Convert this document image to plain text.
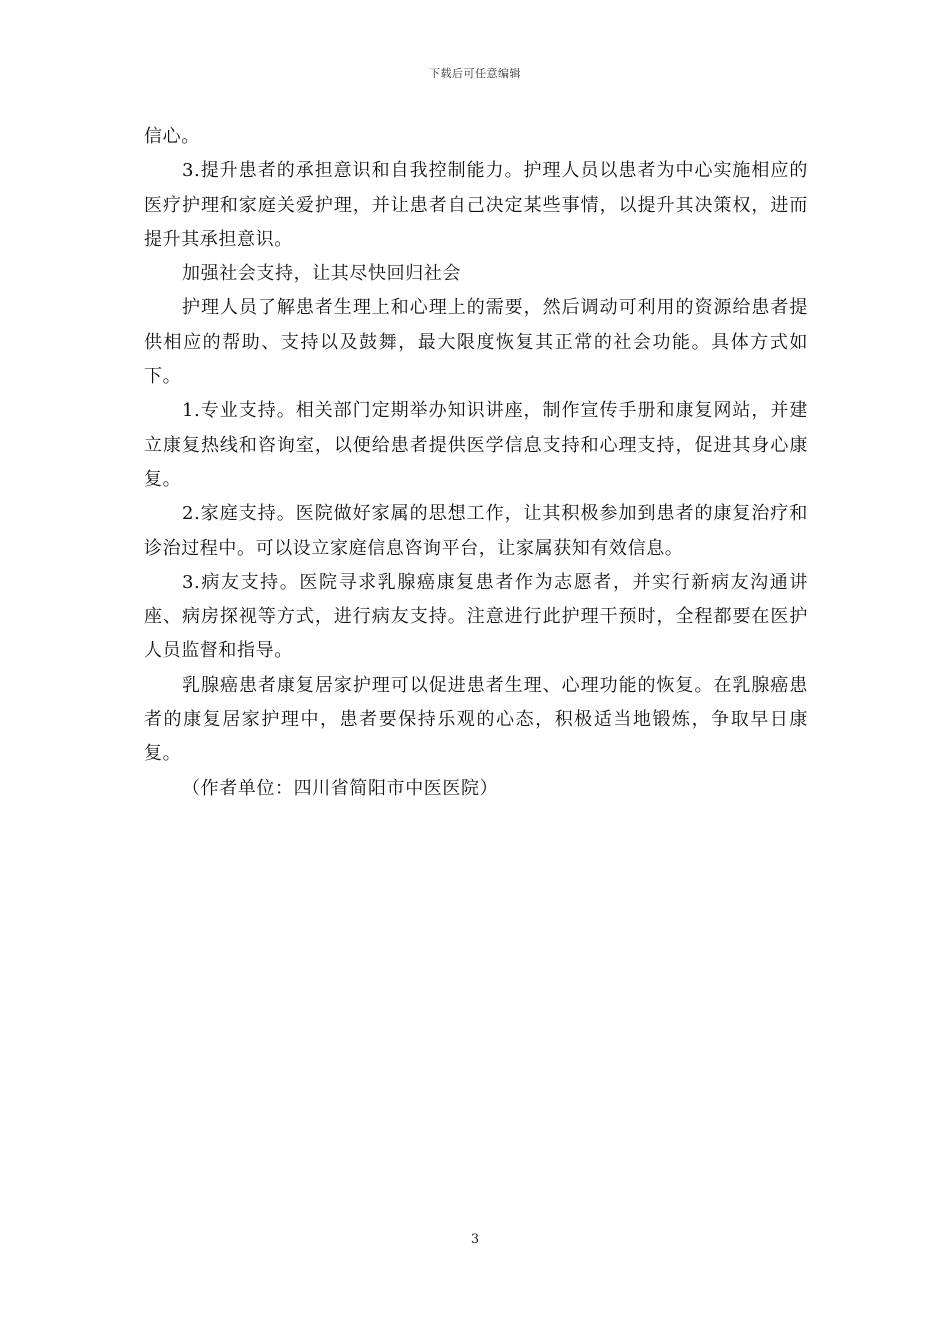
下载后可任意编辑

信心。

3.提升患者的承担意识和自我控制能力。护理人员以患者为中心实施相应的医疗护理和家庭关爱护理，并让患者自己决定某些事情，以提升其决策权，进而提升其承担意识。

加强社会支持，让其尽快回归社会

护理人员了解患者生理上和心理上的需要，然后调动可利用的资源给患者提供相应的帮助、支持以及鼓舞，最大限度恢复其正常的社会功能。具体方式如下。

1.专业支持。相关部门定期举办知识讲座，制作宣传手册和康复网站，并建立康复热线和咨询室，以便给患者提供医学信息支持和心理支持，促进其身心康复。

2.家庭支持。医院做好家属的思想工作，让其积极参加到患者的康复治疗和诊治过程中。可以设立家庭信息咨询平台，让家属获知有效信息。

3.病友支持。医院寻求乳腺癌康复患者作为志愿者，并实行新病友沟通讲座、病房探视等方式，进行病友支持。注意进行此护理干预时，全程都要在医护人员监督和指导。

乳腺癌患者康复居家护理可以促进患者生理、心理功能的恢复。在乳腺癌患者的康复居家护理中，患者要保持乐观的心态，积极适当地锻炼，争取早日康复。

（作者单位：四川省简阳市中医医院）

3
